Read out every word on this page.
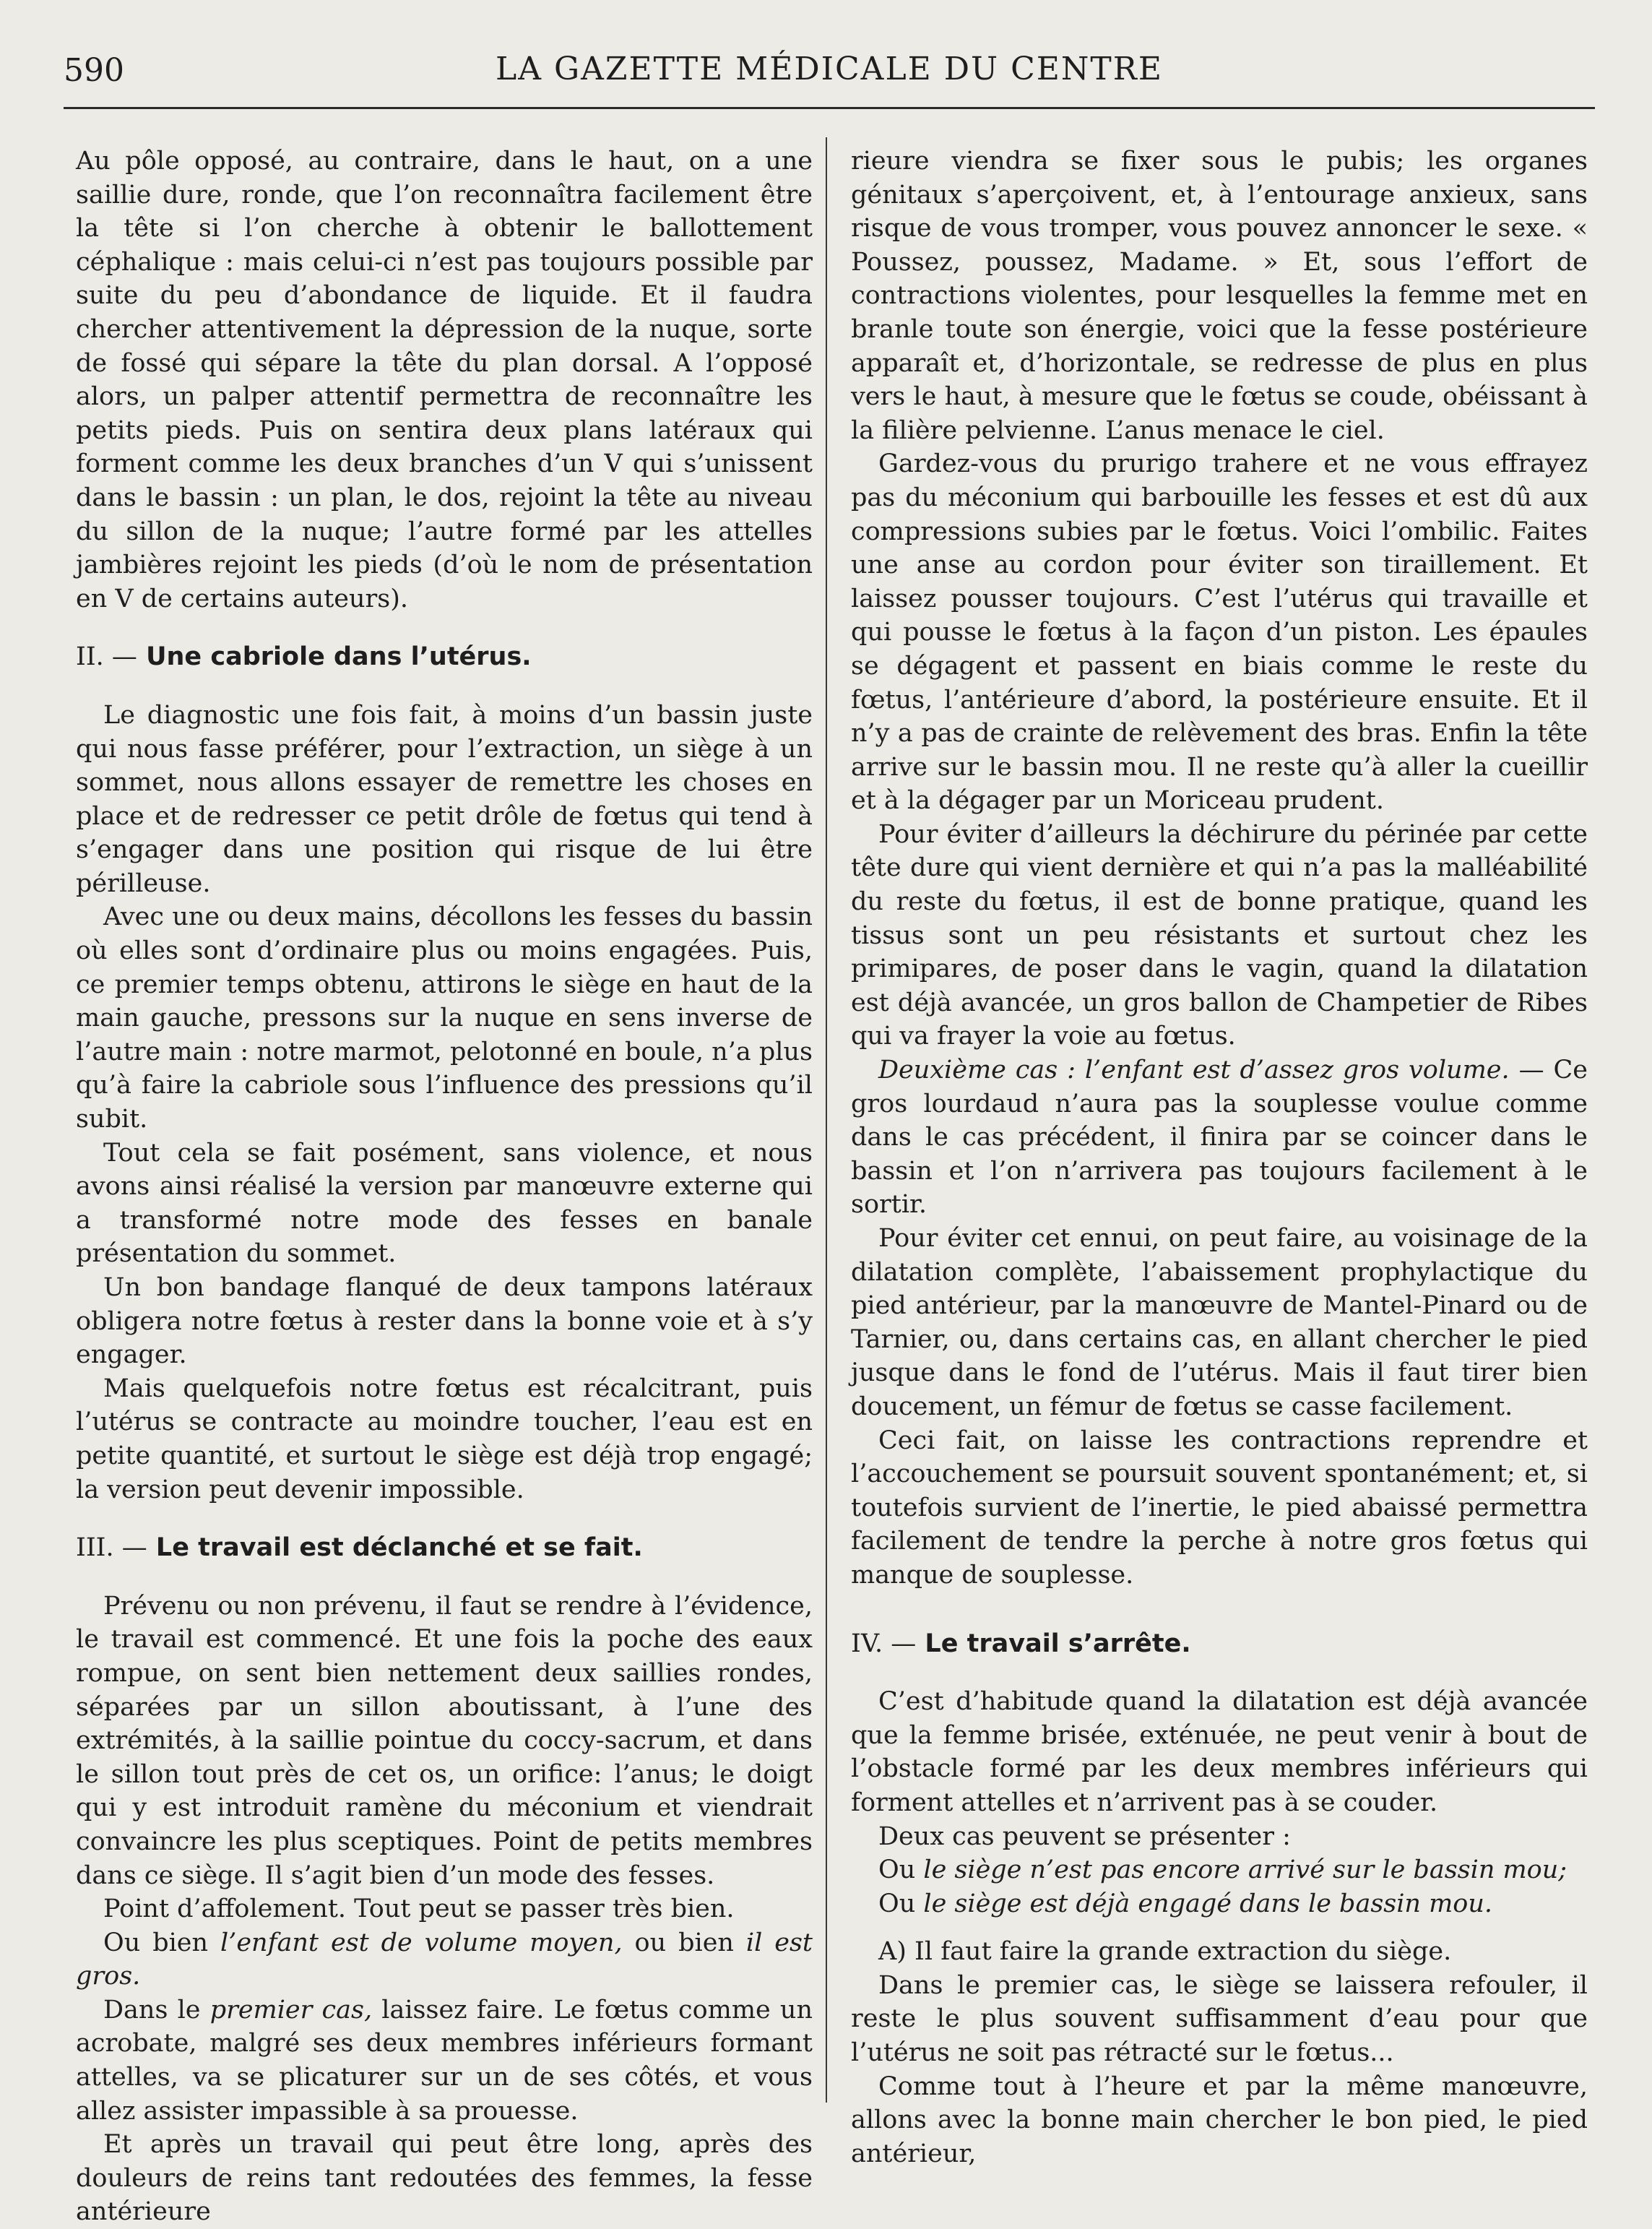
590	LA GAZETTE MÉDICALE DU CENTRE

Au pôle opposé, au contraire, dans le haut, on a une saillie dure, ronde, que l’on reconnaîtra facilement être la tête si l’on cherche à obtenir le ballottement céphalique : mais celui-ci n’est pas toujours possible par suite du peu d’abondance de liquide. Et il faudra chercher attentivement la dépression de la nuque, sorte de fossé qui sépare la tête du plan dorsal. A l’opposé alors, un palper attentif permettra de reconnaître les petits pieds. Puis on sentira deux plans latéraux qui forment comme les deux branches d’un V qui s’unissent dans le bassin : un plan, le dos, rejoint la tête au niveau du sillon de la nuque; l’autre formé par les attelles jambières rejoint les pieds (d’où le nom de présentation en V de certains auteurs).

II. — Une cabriole dans l’utérus.

Le diagnostic une fois fait, à moins d’un bassin juste qui nous fasse préférer, pour l’extraction, un siège à un sommet, nous allons essayer de remettre les choses en place et de redresser ce petit drôle de fœtus qui tend à s’engager dans une position qui risque de lui être périlleuse.

Avec une ou deux mains, décollons les fesses du bassin où elles sont d’ordinaire plus ou moins engagées. Puis, ce premier temps obtenu, attirons le siège en haut de la main gauche, pressons sur la nuque en sens inverse de l’autre main : notre marmot, pelotonné en boule, n’a plus qu’à faire la cabriole sous l’influence des pressions qu’il subit.

Tout cela se fait posément, sans violence, et nous avons ainsi réalisé la version par manœuvre externe qui a transformé notre mode des fesses en banale présentation du sommet.

Un bon bandage flanqué de deux tampons latéraux obligera notre fœtus à rester dans la bonne voie et à s’y engager.

Mais quelquefois notre fœtus est récalcitrant, puis l’utérus se contracte au moindre toucher, l’eau est en petite quantité, et surtout le siège est déjà trop engagé; la version peut devenir impossible.

III. — Le travail est déclanché et se fait.

Prévenu ou non prévenu, il faut se rendre à l’évidence, le travail est commencé. Et une fois la poche des eaux rompue, on sent bien nettement deux saillies rondes, séparées par un sillon aboutissant, à l’une des extrémités, à la saillie pointue du coccy-sacrum, et dans le sillon tout près de cet os, un orifice: l’anus; le doigt qui y est introduit ramène du méconium et viendrait convaincre les plus sceptiques. Point de petits membres dans ce siège. Il s’agit bien d’un mode des fesses.

Point d’affolement. Tout peut se passer très bien.

Ou bien l’enfant est de volume moyen, ou bien il est gros.

Dans le premier cas, laissez faire. Le fœtus comme un acrobate, malgré ses deux membres inférieurs formant attelles, va se plicaturer sur un de ses côtés, et vous allez assister impassible à sa prouesse.

Et après un travail qui peut être long, après des douleurs de reins tant redoutées des femmes, la fesse antérieure

rieure viendra se fixer sous le pubis; les organes génitaux s’aperçoivent, et, à l’entourage anxieux, sans risque de vous tromper, vous pouvez annoncer le sexe. « Poussez, poussez, Madame. » Et, sous l’effort de contractions violentes, pour lesquelles la femme met en branle toute son énergie, voici que la fesse postérieure apparaît et, d’horizontale, se redresse de plus en plus vers le haut, à mesure que le fœtus se coude, obéissant à la filière pelvienne. L’anus menace le ciel.

Gardez-vous du prurigo trahere et ne vous effrayez pas du méconium qui barbouille les fesses et est dû aux compressions subies par le fœtus. Voici l’ombilic. Faites une anse au cordon pour éviter son tiraillement. Et laissez pousser toujours. C’est l’utérus qui travaille et qui pousse le fœtus à la façon d’un piston. Les épaules se dégagent et passent en biais comme le reste du fœtus, l’antérieure d’abord, la postérieure ensuite. Et il n’y a pas de crainte de relèvement des bras. Enfin la tête arrive sur le bassin mou. Il ne reste qu’à aller la cueillir et à la dégager par un Moriceau prudent.

Pour éviter d’ailleurs la déchirure du périnée par cette tête dure qui vient dernière et qui n’a pas la malléabilité du reste du fœtus, il est de bonne pratique, quand les tissus sont un peu résistants et surtout chez les primipares, de poser dans le vagin, quand la dilatation est déjà avancée, un gros ballon de Champetier de Ribes qui va frayer la voie au fœtus.

Deuxième cas : l’enfant est d’assez gros volume. — Ce gros lourdaud n’aura pas la souplesse voulue comme dans le cas précédent, il finira par se coincer dans le bassin et l’on n’arrivera pas toujours facilement à le sortir.

Pour éviter cet ennui, on peut faire, au voisinage de la dilatation complète, l’abaissement prophylactique du pied antérieur, par la manœuvre de Mantel-Pinard ou de Tarnier, ou, dans certains cas, en allant chercher le pied jusque dans le fond de l’utérus. Mais il faut tirer bien doucement, un fémur de fœtus se casse facilement.

Ceci fait, on laisse les contractions reprendre et l’accouchement se poursuit souvent spontanément; et, si toutefois survient de l’inertie, le pied abaissé permettra facilement de tendre la perche à notre gros fœtus qui manque de souplesse.

IV. — Le travail s’arrête.

C’est d’habitude quand la dilatation est déjà avancée que la femme brisée, exténuée, ne peut venir à bout de l’obstacle formé par les deux membres inférieurs qui forment attelles et n’arrivent pas à se couder.

Deux cas peuvent se présenter :

Ou le siège n’est pas encore arrivé sur le bassin mou;

Ou le siège est déjà engagé dans le bassin mou.

A) Il faut faire la grande extraction du siège.

Dans le premier cas, le siège se laissera refouler, il reste le plus souvent suffisamment d’eau pour que l’utérus ne soit pas rétracté sur le fœtus...

Comme tout à l’heure et par la même manœuvre, allons avec la bonne main chercher le bon pied, le pied antérieur,
